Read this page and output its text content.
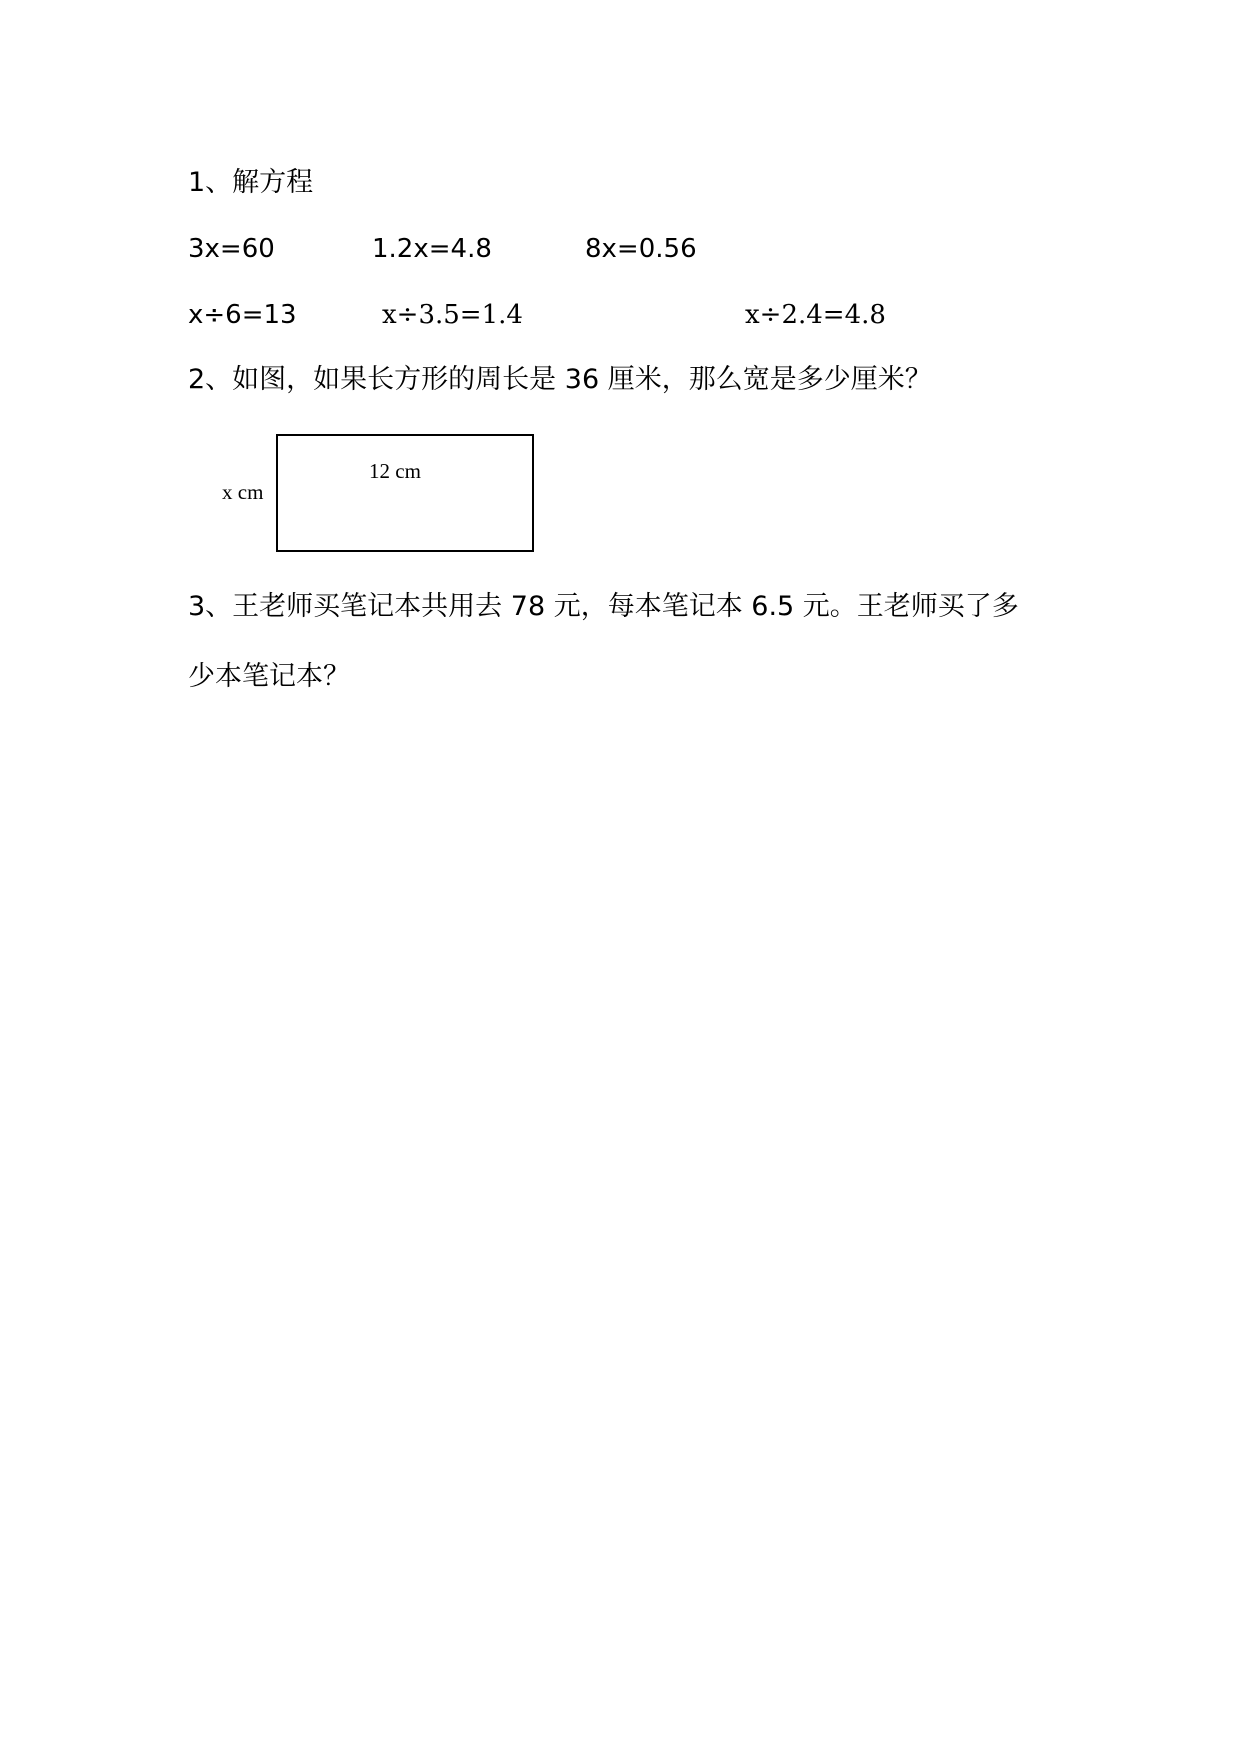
1、解方程
3x=60	1.2x=4.8	8x=0.56
x÷6=13	x÷3.5=1.4	x÷2.4=4.8
2、如图，如果长方形的周长是 36 厘米，那么宽是多少厘米？
12 cm
x cm
3、王老师买笔记本共用去 78 元，每本笔记本 6.5 元。王老师买了多
少本笔记本？
